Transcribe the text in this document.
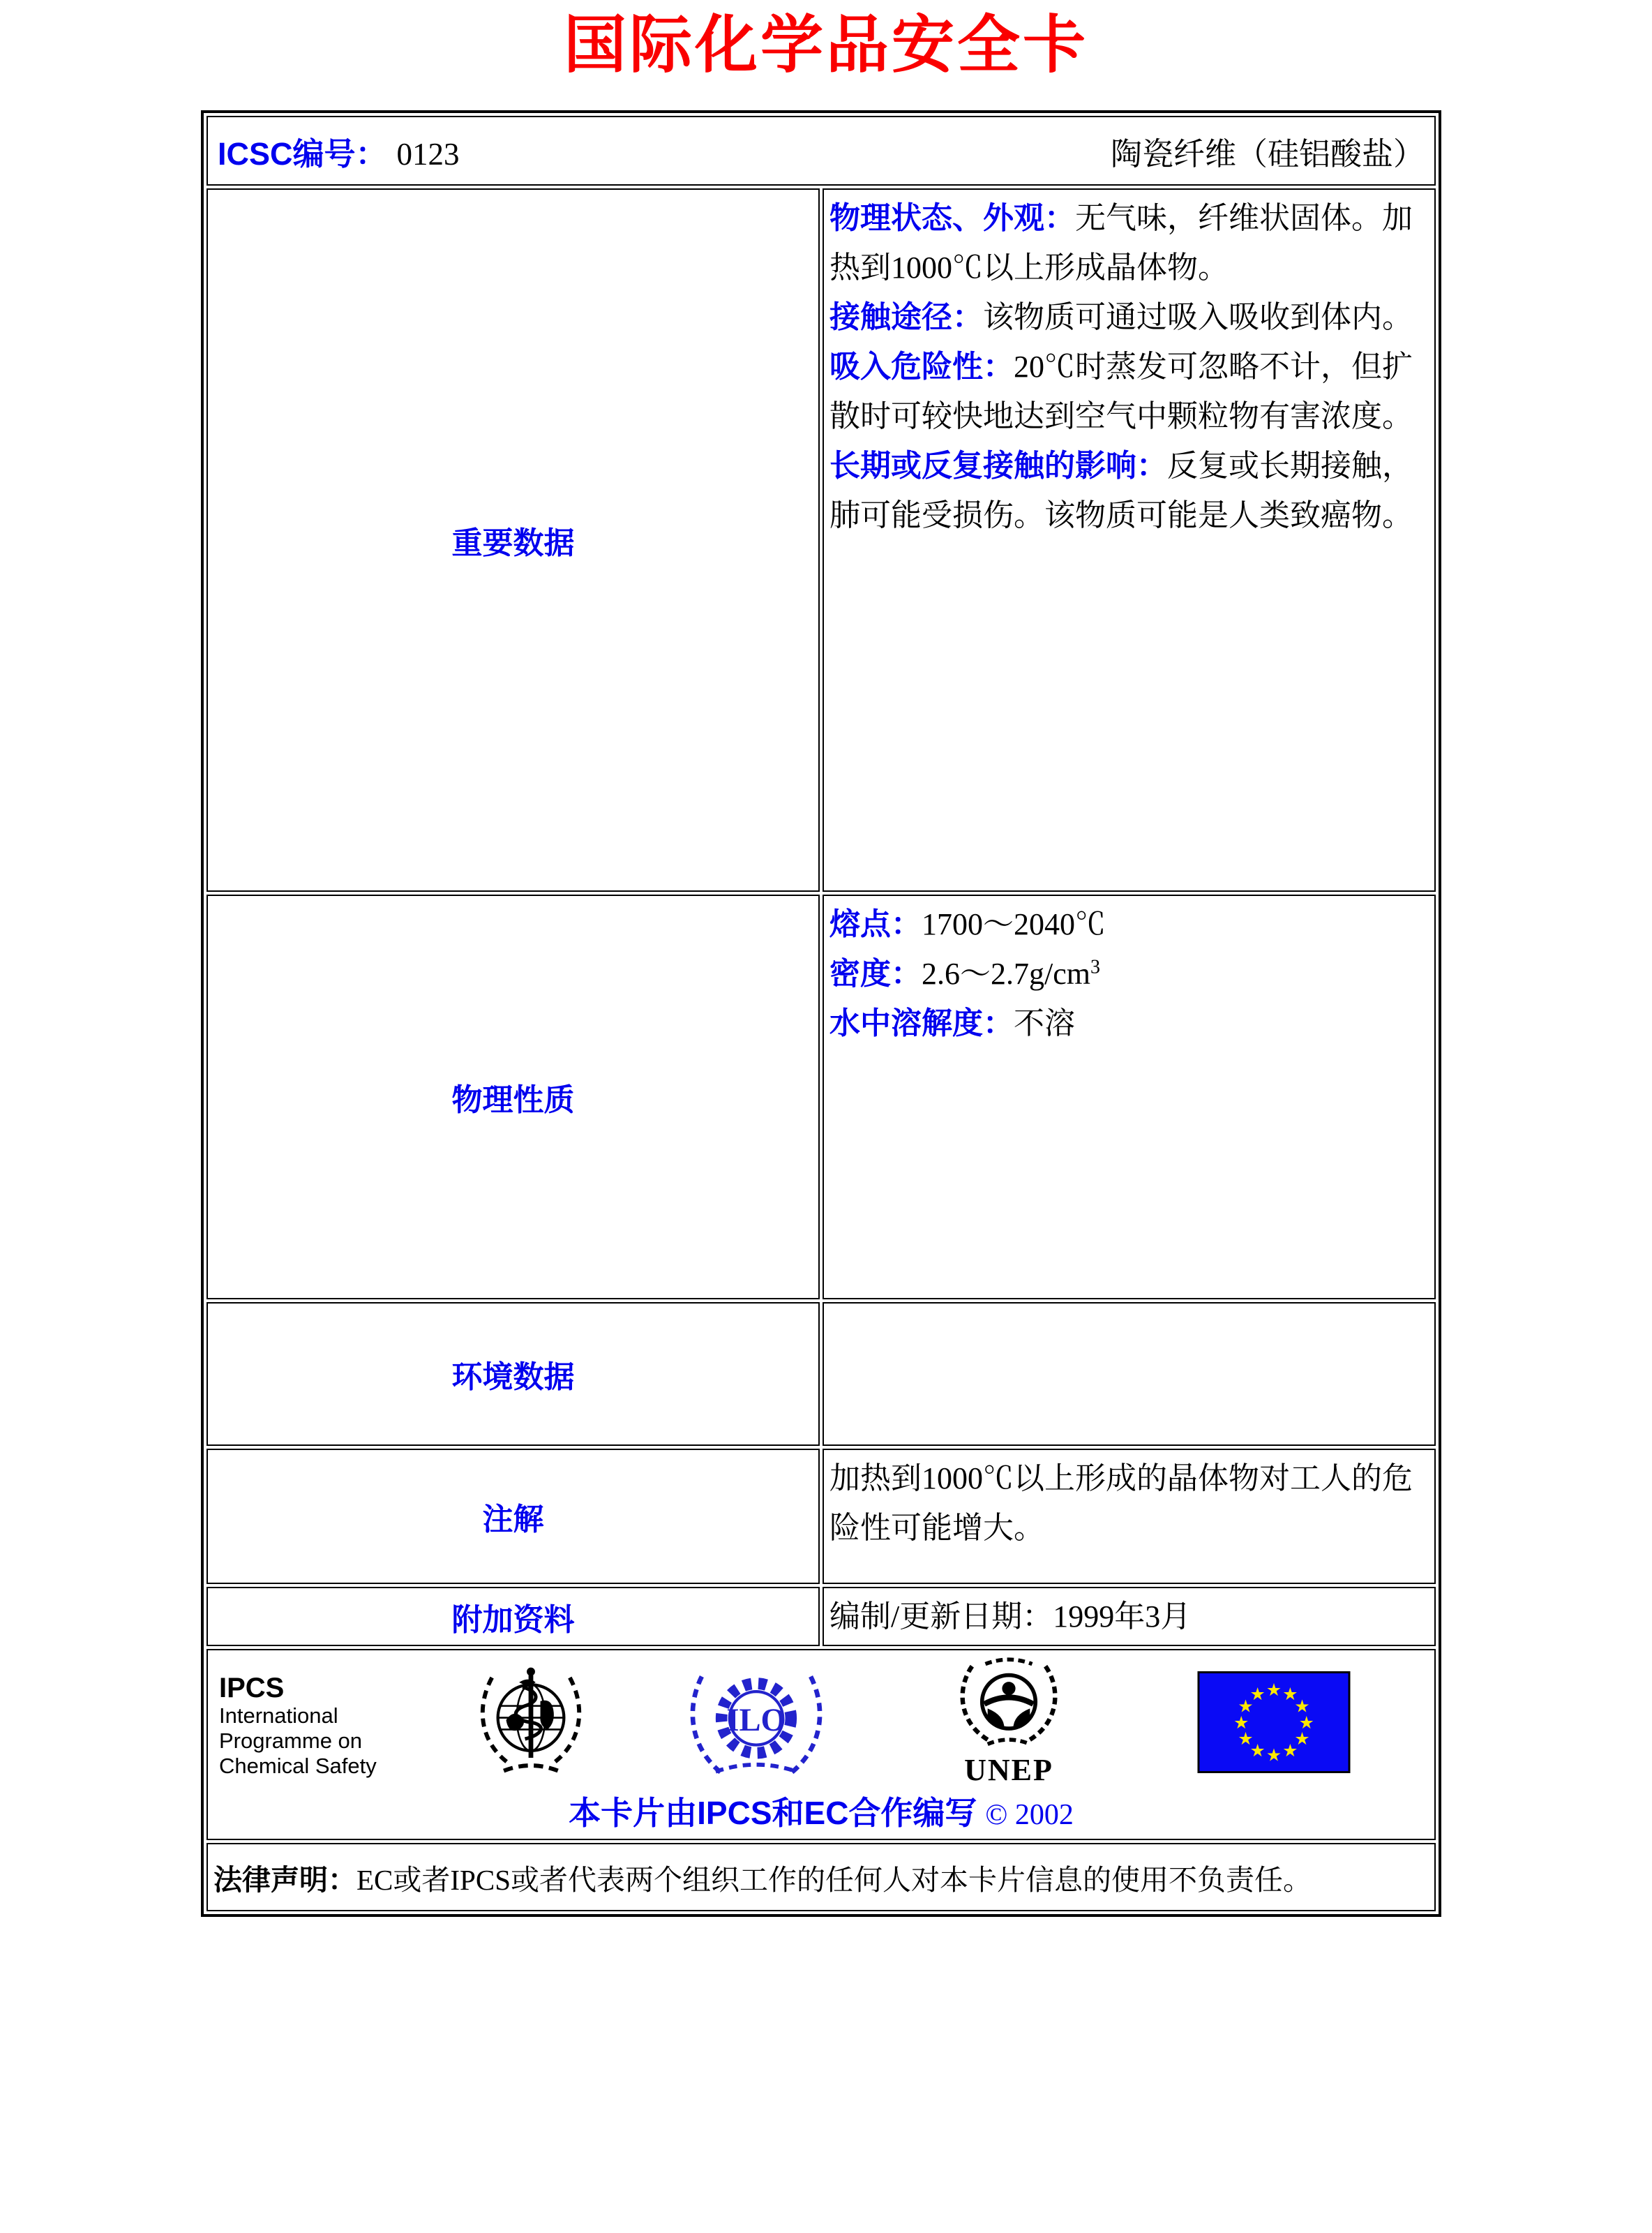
国际化学品安全卡
ICSC编号： 0123 陶瓷纤维（硅铝酸盐）	

重要数据	物理状态、外观：无气味，纤维状固体。加热到1000℃以上形成晶体物。

接触途径：该物质可通过吸入吸收到体内。

吸入危险性：20℃时蒸发可忽略不计，但扩散时可较快地达到空气中颗粒物有害浓度。

长期或反复接触的影响：反复或长期接触，肺可能受损伤。该物质可能是人类致癌物。

物理性质	熔点：1700～2040℃

密度：$2.6\sim 2.7g/cm^3$

水中溶解度：不溶

环境数据	
注解	加热到1000℃以上形成的晶体物对工人的危险性可能增大。

附加资料	编制/更新日期：1999年3月

IPCS
International
Programme on
Chemical Safety
ILO
UNEP
★ ★
★
★
★
★
★
★
★
★
★
★
本卡片由IPCS和EC合作编写 © 2002

法律声明：EC或者IPCS或者代表两个组织工作的任何人对本卡片信息的使用不负责任。	
